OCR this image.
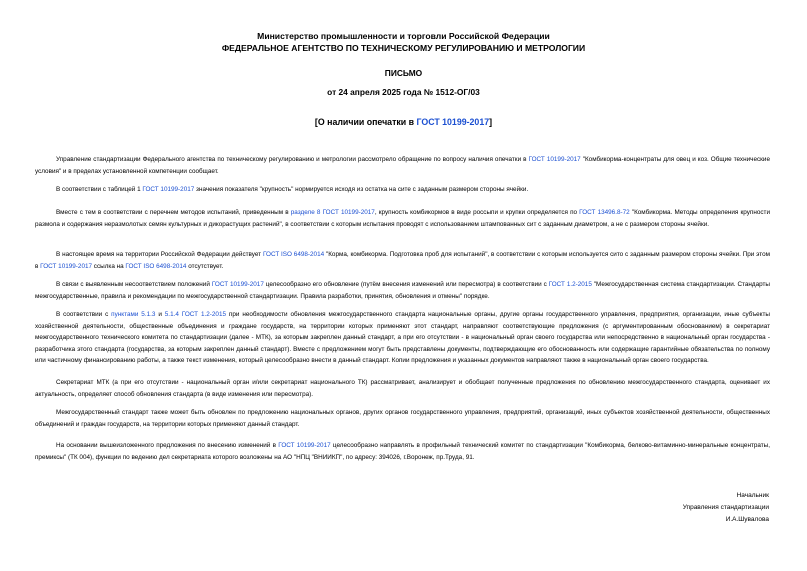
Министерство промышленности и торговли Российской Федерации
ФЕДЕРАЛЬНОЕ АГЕНТСТВО ПО ТЕХНИЧЕСКОМУ РЕГУЛИРОВАНИЮ И МЕТРОЛОГИИ
ПИСЬМО
от 24 апреля 2025 года № 1512-ОГ/03
[О наличии опечатки в ГОСТ 10199-2017]
Управление стандартизации Федерального агентства по техническому регулированию и метрологии рассмотрело обращение по вопросу наличия опечатки в ГОСТ 10199-2017 "Комбикорма-концентраты для овец и коз. Общие технические условия" и в пределах установленной компетенции сообщает.
В соответствии с таблицей 1 ГОСТ 10199-2017 значения показателя "крупность" нормируется исходя из остатка на сите с заданным размером стороны ячейки.
Вместе с тем в соответствии с перечнем методов испытаний, приведенным в разделе 8 ГОСТ 10199-2017, крупность комбикормов в виде россыпи и крупки определяется по ГОСТ 13496.8-72 "Комбикорма. Методы определения крупности размола и содержания неразмолотых семян культурных и дикорастущих растений", в соответствии с которым испытания проводят с использованием штампованных сит с заданным диаметром, а не с размером стороны ячейки.
В настоящее время на территории Российской Федерации действует ГОСТ ISO 6498-2014 "Корма, комбикорма. Подготовка проб для испытаний", в соответствии с которым используется сито с заданным размером стороны ячейки. При этом в ГОСТ 10199-2017 ссылка на ГОСТ ISO 6498-2014 отсутствует.
В связи с выявленным несоответствием положений ГОСТ 10199-2017 целесообразно его обновление (путём внесения изменений или пересмотра) в соответствии с ГОСТ 1.2-2015 "Межгосударственная система стандартизации. Стандарты межгосударственные, правила и рекомендации по межгосударственной стандартизации. Правила разработки, принятия, обновления и отмены" порядке.
В соответствии с пунктами 5.1.3 и 5.1.4 ГОСТ 1.2-2015 при необходимости обновления межгосударственного стандарта национальные органы, другие органы государственного управления, предприятия, организации, иные субъекты хозяйственной деятельности, общественные объединения и граждане государств, на территории которых применяют этот стандарт, направляют соответствующие предложения (с аргументированным обоснованием) в секретариат межгосударственного технического комитета по стандартизации (далее - МТК), за которым закреплен данный стандарт, а при его отсутствии - в национальный орган своего государства или непосредственно в национальный орган государства - разработчика этого стандарта (государства, за которым закреплен данный стандарт). Вместе с предложением могут быть представлены документы, подтверждающие его обоснованность или содержащие гарантийные обязательства по полному или частичному финансированию работы, а также текст изменения, который целесообразно внести в данный стандарт. Копии предложения и указанных документов направляют также в национальный орган своего государства.
Секретариат МТК (а при его отсутствии - национальный орган и/или секретариат национального ТК) рассматривает, анализирует и обобщает полученные предложения по обновлению межгосударственного стандарта, оценивает их актуальность, определяет способ обновления стандарта (в виде изменения или пересмотра).
Межгосударственный стандарт также может быть обновлен по предложению национальных органов, других органов государственного управления, предприятий, организаций, иных субъектов хозяйственной деятельности, общественных объединений и граждан государств, на территории которых применяют данный стандарт.
На основании вышеизложенного предложения по внесению изменений в ГОСТ 10199-2017 целесообразно направлять в профильный технический комитет по стандартизации "Комбикорма, белково-витаминно-минеральные концентраты, премиксы" (ТК 004), функции по ведению дел секретариата которого возложены на АО "НПЦ "ВНИИКП", по адресу: 394026, г.Воронеж, пр.Труда, 91.
Начальник
Управления стандартизации
И.А.Шувалова
